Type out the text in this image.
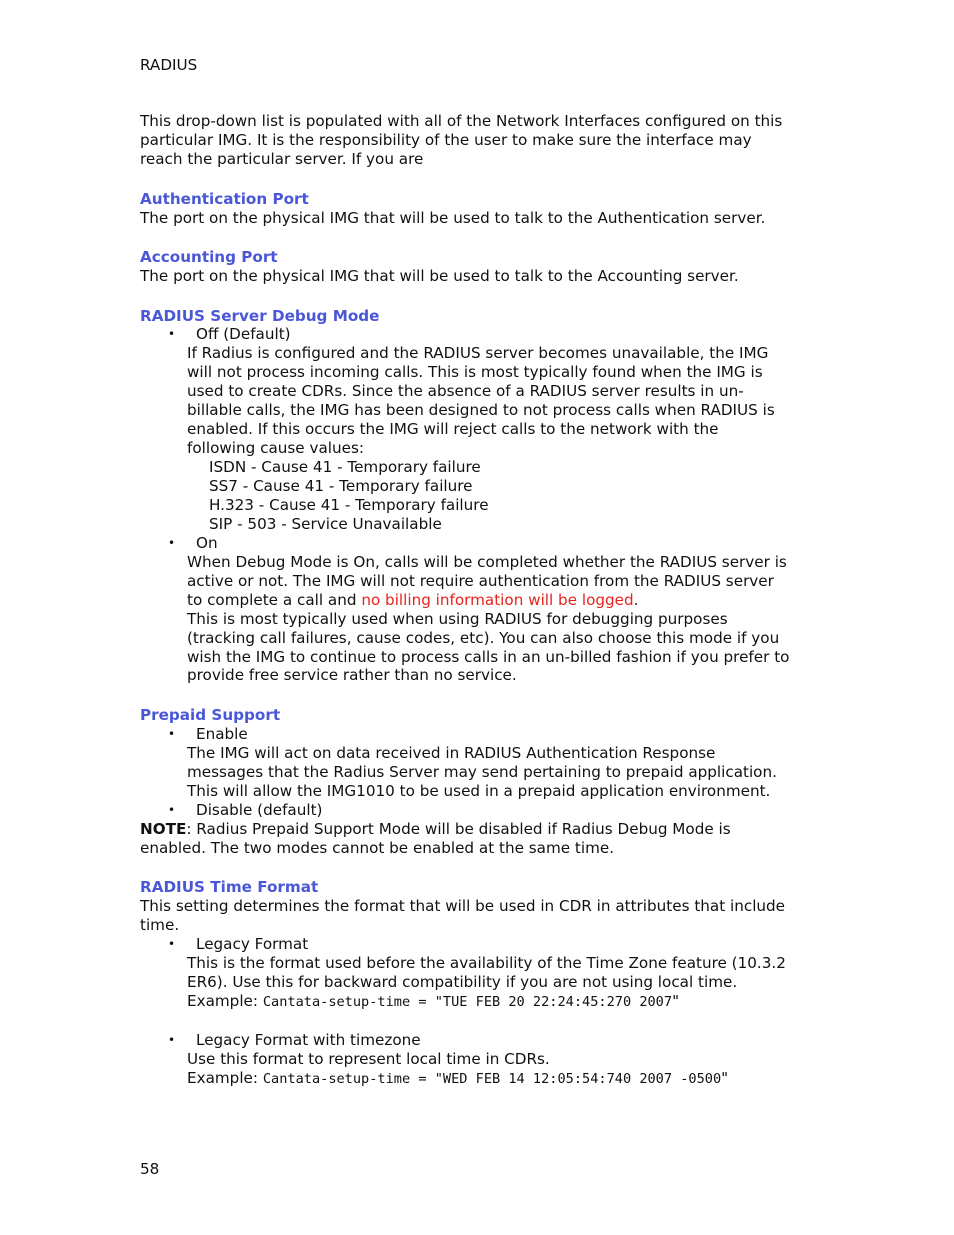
RADIUS
This drop-down list is populated with all of the Network Interfaces configured on this
particular IMG. It is the responsibility of the user to make sure the interface may
reach the particular server. If you are
Authentication Port
The port on the physical IMG that will be used to talk to the Authentication server.
Accounting Port
The port on the physical IMG that will be used to talk to the Accounting server.
RADIUS Server Debug Mode
• Off (Default)
If Radius is configured and the RADIUS server becomes unavailable, the IMG
will not process incoming calls. This is most typically found when the IMG is
used to create CDRs. Since the absence of a RADIUS server results in un-
billable calls, the IMG has been designed to not process calls when RADIUS is
enabled. If this occurs the IMG will reject calls to the network with the
following cause values:
ISDN - Cause 41 - Temporary failure
SS7 - Cause 41 - Temporary failure
H.323 - Cause 41 - Temporary failure
SIP - 503 - Service Unavailable
• On
When Debug Mode is On, calls will be completed whether the RADIUS server is
active or not. The IMG will not require authentication from the RADIUS server
to complete a call and no billing information will be logged.
This is most typically used when using RADIUS for debugging purposes
(tracking call failures, cause codes, etc). You can also choose this mode if you
wish the IMG to continue to process calls in an un-billed fashion if you prefer to
provide free service rather than no service.
Prepaid Support
• Enable
The IMG will act on data received in RADIUS Authentication Response
messages that the Radius Server may send pertaining to prepaid application.
This will allow the IMG1010 to be used in a prepaid application environment.
• Disable (default)
NOTE: Radius Prepaid Support Mode will be disabled if Radius Debug Mode is
enabled. The two modes cannot be enabled at the same time.
RADIUS Time Format
This setting determines the format that will be used in CDR in attributes that include
time.
• Legacy Format
This is the format used before the availability of the Time Zone feature (10.3.2
ER6). Use this for backward compatibility if you are not using local time.
Example: Cantata-setup-time = "TUE FEB 20 22:24:45:270 2007"
• Legacy Format with timezone
Use this format to represent local time in CDRs.
Example: Cantata-setup-time = "WED FEB 14 12:05:54:740 2007 -0500"
58
